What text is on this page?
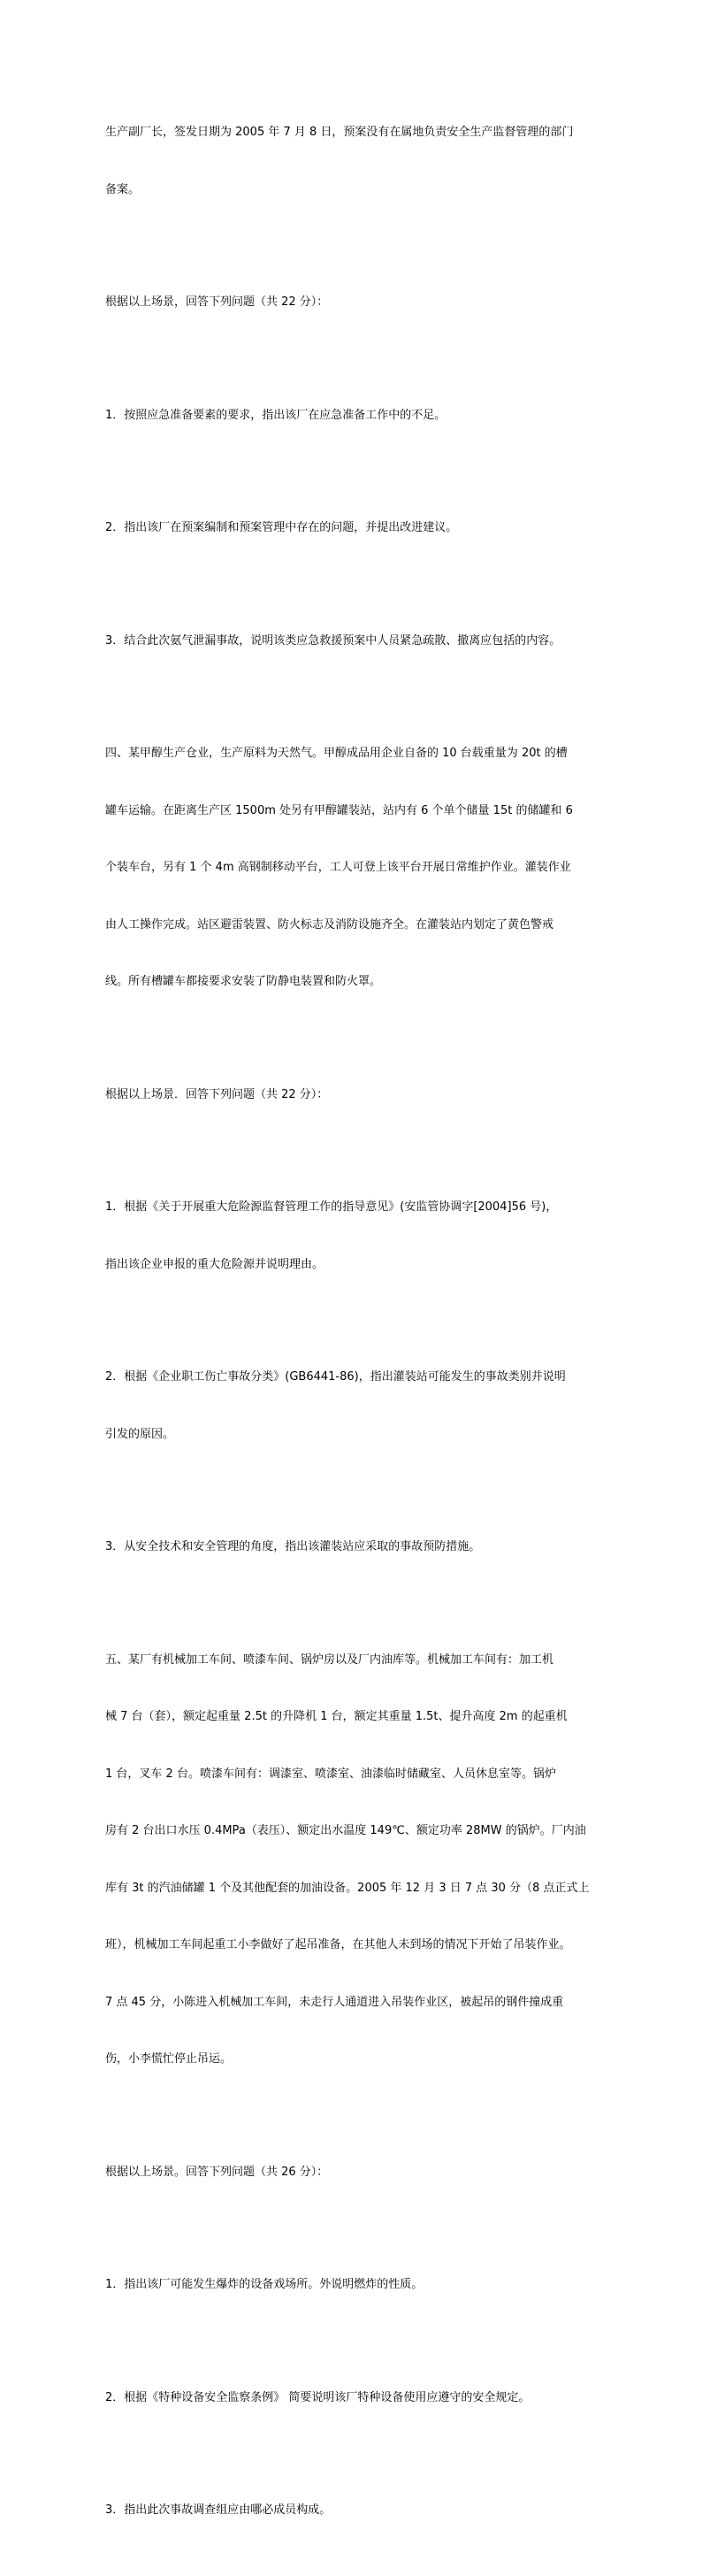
生产副厂长，签发日期为 2005 年 7 月 8 日，预案没有在属地负责安全生产监督管理的部门

备案。

根据以上场景，回答下列问题（共 22 分）：

1．按照应急准备要素的要求，指出该厂在应急准备工作中的不足。

2．指出该厂在预案编制和预案管理中存在的问题，并提出改进建议。

3．结合此次氨气泄漏事故，说明该类应急救援预案中人员紧急疏散、撤离应包括的内容。

四、某甲醇生产仓业，生产原料为天然气。甲醇成品用企业自备的 10 台载重量为 20t 的槽

罐车运输。在距离生产区 1500m 处另有甲醇罐装站，站内有 6 个单个储量 15t 的储罐和 6

个装车台，另有 1 个 4m 高钢制移动平台，工人可登上该平台开展日常维护作业。灌装作业

由人工操作完成。站区避雷装置、防火标志及消防设施齐全。在灌装站内划定了黄色警戒

线。所有槽罐车都接要求安装了防静电装置和防火罩。

根据以上场景．回答下列问题（共 22 分）：

1．根据《关于开展重大危险源监督管理工作的指导意见》(安监管协调字[2004]56 号)，

指出该企业申报的重大危险源并说明理由。

2．根据《企业职工伤亡事故分类》(GB6441-86)，指出灌装站可能发生的事故类别并说明

引发的原因。

3．从安全技术和安全管理的角度，指出该灌装站应采取的事故预防措施。

五、某厂有机械加工车间、喷漆车间、锅炉房以及厂内油库等。机械加工车间有：加工机

械 7 台（套），额定起重量 2.5t 的升降机 1 台，额定其重量 1.5t、提升高度 2m 的起重机

1 台，叉车 2 台。喷漆车间有：调漆室、喷漆室、油漆临时储藏室、人员休息室等。锅炉

房有 2 台出口水压 0.4MPa（表压）、额定出水温度 149℃、额定功率 28MW 的锅炉。厂内油

库有 3t 的汽油储罐 1 个及其他配套的加油设备。2005 年 12 月 3 日 7 点 30 分（8 点正式上

班），机械加工车间起重工小李做好了起吊准备，在其他人未到场的情况下开始了吊装作业。

7 点 45 分，小陈进入机械加工车间，未走行人通道进入吊装作业区，被起吊的钢件撞成重

伤，小李慌忙停止吊运。

根据以上场景。回答下列问题（共 26 分）：

1．指出该厂可能发生爆炸的设备戏场所。外说明燃炸的性质。

2．根据《特种设备安全监察条例》 简要说明该厂特种设备使用应遵守的安全规定。

3．指出此次事故调查组应由哪必成员构成。
